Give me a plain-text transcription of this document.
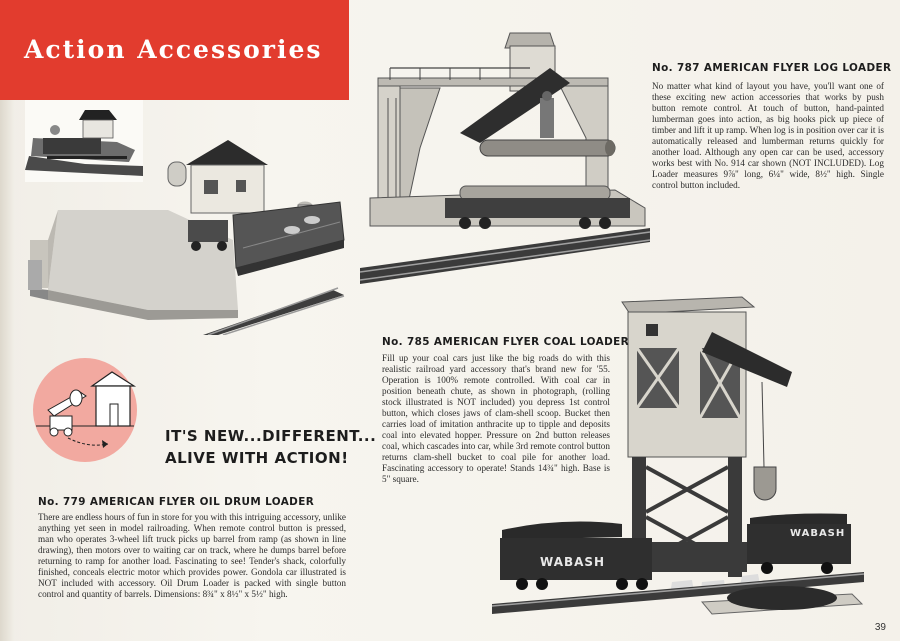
Action Accessories
WABASH
WABASH
No. 787 AMERICAN FLYER LOG LOADER

No matter what kind of layout you have, you'll want one of these exciting new action accessories that works by push button remote control. At touch of button, hand-painted lumberman goes into action, as big hooks pick up piece of timber and lift it up ramp. When log is in position over car it is automatically released and lumberman returns quickly for another load. Although any open car can be used, accessory works best with No. 914 car shown (NOT INCLUDED). Log Loader measures 9⅞" long, 6¼" wide, 8½" high. Single control button included.

No. 785 AMERICAN FLYER COAL LOADER

Fill up your coal cars just like the big roads do with this realistic railroad yard accessory that's brand new for '55. Operation is 100% remote controlled. With coal car in position beneath chute, as shown in photograph, (rolling stock illustrated is NOT included) you depress 1st control button, which closes jaws of clam-shell scoop. Bucket then carries load of imitation anthracite up to tipple and deposits coal into elevated hopper. Pressure on 2nd button releases coal, which cascades into car, while 3rd remote control button returns clam-shell bucket to coal pile for another load. Fascinating accessory to operate! Stands 14¾" high. Base is 5" square.

IT'S NEW...DIFFERENT...
ALIVE WITH ACTION!

No. 779 AMERICAN FLYER OIL DRUM LOADER

There are endless hours of fun in store for you with this intriguing accessory, unlike anything yet seen in model railroading. When remote control button is pressed, man who operates 3-wheel lift truck picks up barrel from ramp (as shown in line drawing), then motors over to waiting car on track, where he dumps barrel before returning to ramp for another load. Fascinating to see! Tender's shack, colorfully finished, conceals electric motor which provides power. Gondola car illustrated is NOT included with accessory. Oil Drum Loader is packed with single button control and quantity of barrels. Dimensions: 8¾" x 8½" x 5½" high.

39
